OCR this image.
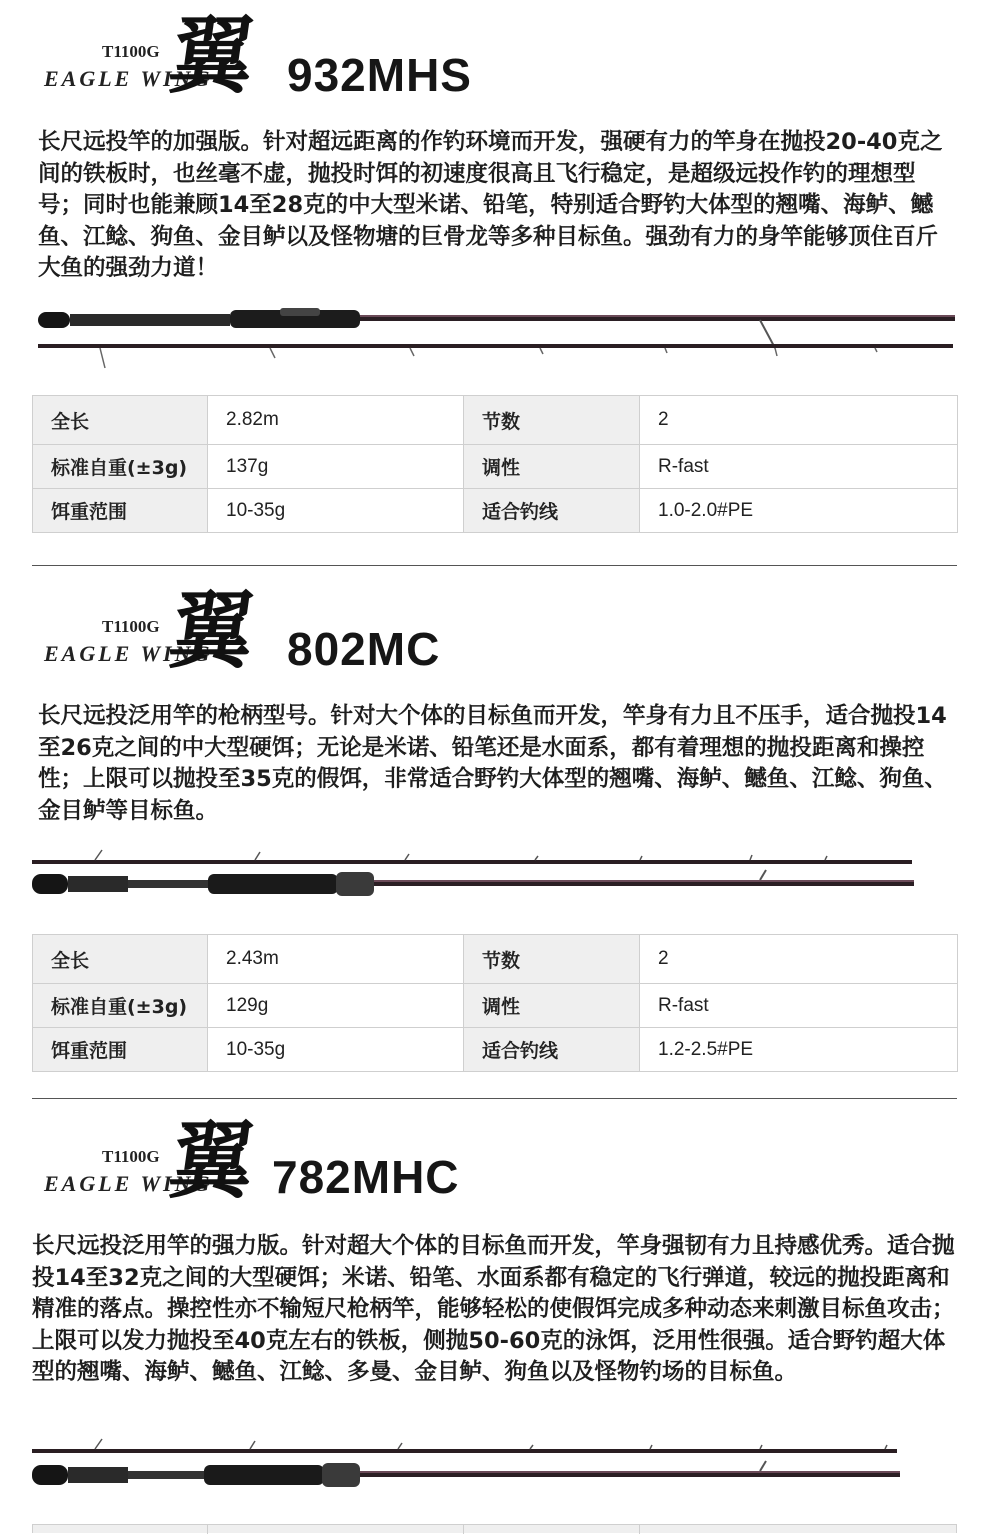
T1100G
EAGLE WING
翼 932MHS

长尺远投竿的加强版。针对超远距离的作钓环境而开发，强硬有力的竿身在抛投20-40克之间的铁板时，也丝毫不虚，抛投时饵的初速度很高且飞行稳定，是超级远投作钓的理想型号；同时也能兼顾14至28克的中大型米诺、铅笔，特别适合野钓大体型的翘嘴、海鲈、鳡鱼、江鲶、狗鱼、金目鲈以及怪物塘的巨骨龙等多种目标鱼。强劲有力的身竿能够顶住百斤大鱼的强劲力道！

全长	2.82m	节数	2
标准自重(±3g)	137g	调性	R-fast
饵重范围	10-35g	适合钓线	1.0-2.0#PE
T1100G
EAGLE WING
翼 802MC

长尺远投泛用竿的枪柄型号。针对大个体的目标鱼而开发，竿身有力且不压手，适合抛投14至26克之间的中大型硬饵；无论是米诺、铅笔还是水面系，都有着理想的抛投距离和操控性；上限可以抛投至35克的假饵，非常适合野钓大体型的翘嘴、海鲈、鳡鱼、江鲶、狗鱼、金目鲈等目标鱼。

全长	2.43m	节数	2
标准自重(±3g)	129g	调性	R-fast
饵重范围	10-35g	适合钓线	1.2-2.5#PE
T1100G
EAGLE WING
翼 782MHC

长尺远投泛用竿的强力版。针对超大个体的目标鱼而开发，竿身强韧有力且持感优秀。适合抛投14至32克之间的大型硬饵；米诺、铅笔、水面系都有稳定的飞行弹道，较远的抛投距离和精准的落点。操控性亦不输短尺枪柄竿，能够轻松的使假饵完成多种动态来刺激目标鱼攻击；上限可以发力抛投至40克左右的铁板，侧抛50-60克的泳饵，泛用性很强。适合野钓超大体型的翘嘴、海鲈、鳡鱼、江鲶、多曼、金目鲈、狗鱼以及怪物钓场的目标鱼。
